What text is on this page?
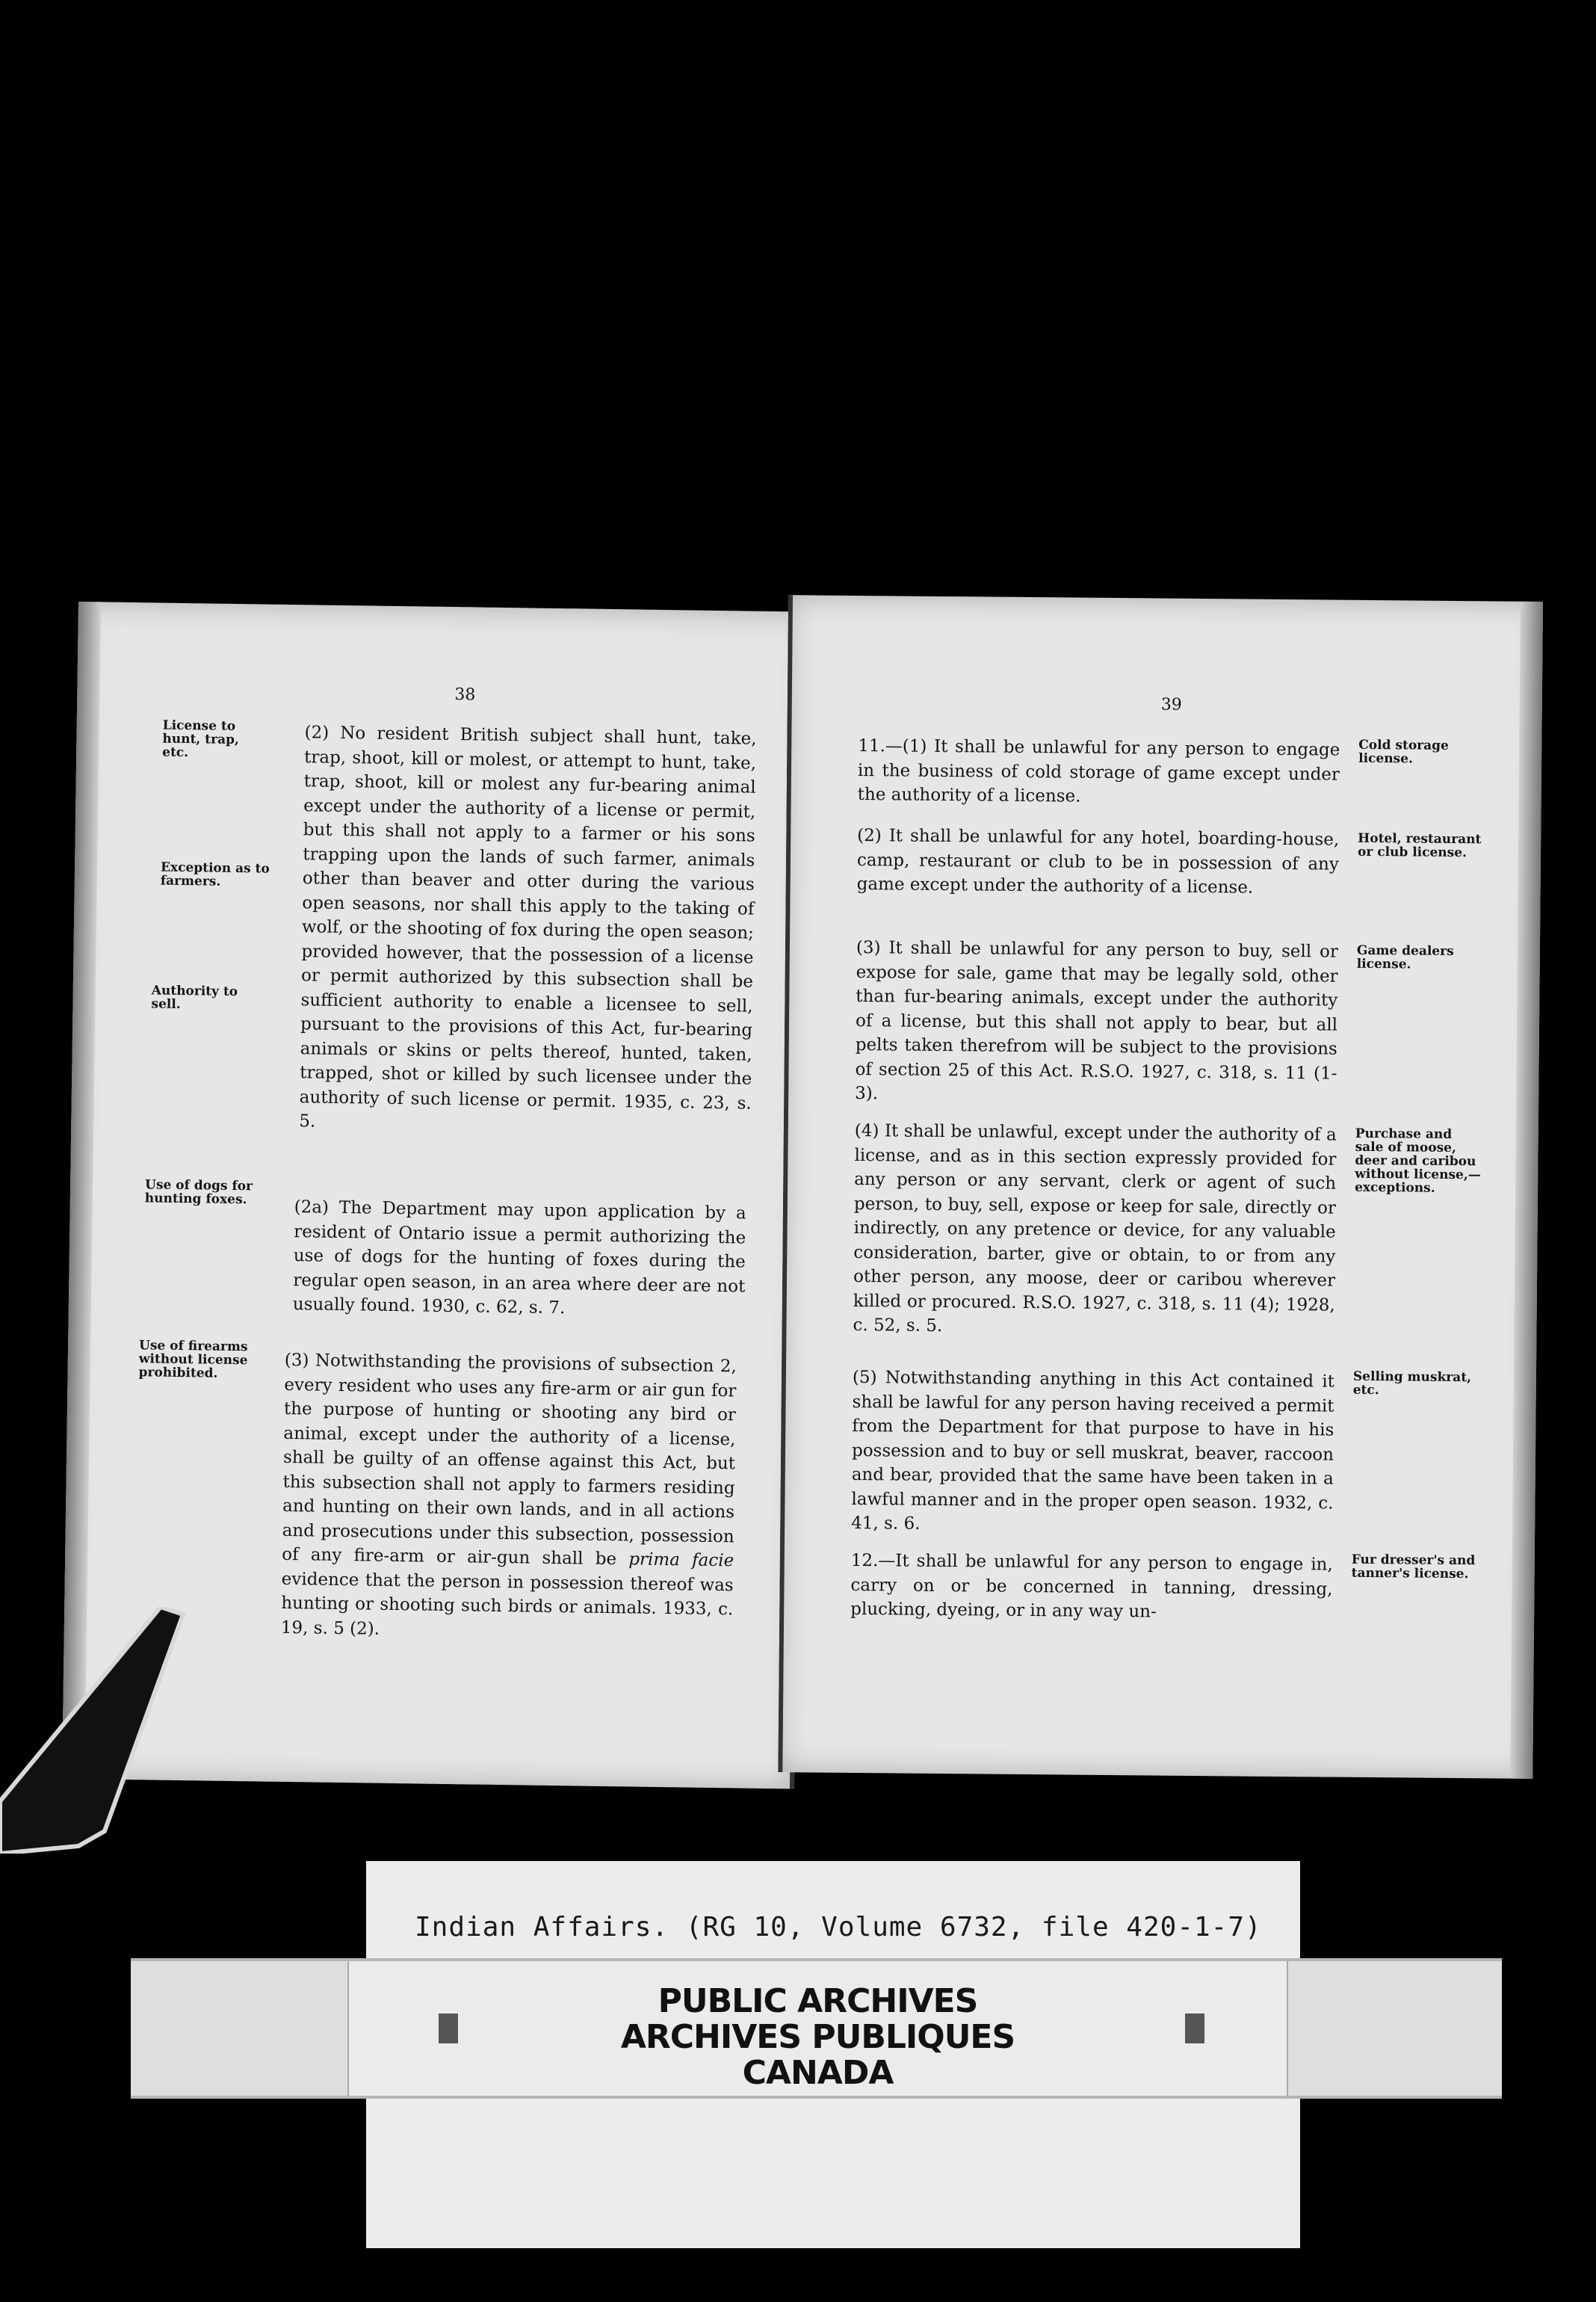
38
License to hunt, trap, etc.
Exception as to farmers.
Authority to sell.
Use of dogs for hunting foxes.
Use of firearms without license prohibited.

(2) No resident British subject shall hunt, take, trap, shoot, kill or molest, or attempt to hunt, take, trap, shoot, kill or molest any fur-bearing animal except under the authority of a license or permit, but this shall not apply to a farmer or his sons trapping upon the lands of such farmer, animals other than beaver and otter during the various open seasons, nor shall this apply to the taking of wolf, or the shooting of fox during the open season; provided however, that the possession of a license or permit authorized by this subsection shall be sufficient authority to enable a licensee to sell, pursuant to the provisions of this Act, fur-bearing animals or skins or pelts thereof, hunted, taken, trapped, shot or killed by such licensee under the authority of such license or permit. 1935, c. 23, s. 5.

(2a) The Department may upon application by a resident of Ontario issue a permit authorizing the use of dogs for the hunting of foxes during the regular open season, in an area where deer are not usually found. 1930, c. 62, s. 7.

(3) Notwithstanding the provisions of subsection 2, every resident who uses any fire-arm or air gun for the purpose of hunting or shooting any bird or animal, except under the authority of a license, shall be guilty of an offense against this Act, but this subsection shall not apply to farmers residing and hunting on their own lands, and in all actions and prosecutions under this subsection, possession of any fire-arm or air-gun shall be prima facie evidence that the person in possession thereof was hunting or shooting such birds or animals. 1933, c. 19, s. 5 (2).

39

11.—(1) It shall be unlawful for any person to engage in the business of cold storage of game except under the authority of a license.

(2) It shall be unlawful for any hotel, boarding-house, camp, restaurant or club to be in possession of any game except under the authority of a license.

(3) It shall be unlawful for any person to buy, sell or expose for sale, game that may be legally sold, other than fur-bearing animals, except under the authority of a license, but this shall not apply to bear, but all pelts taken therefrom will be subject to the provisions of section 25 of this Act. R.S.O. 1927, c. 318, s. 11 (1-3).

(4) It shall be unlawful, except under the authority of a license, and as in this section expressly provided for any person or any servant, clerk or agent of such person, to buy, sell, expose or keep for sale, directly or indirectly, on any pretence or device, for any valuable consideration, barter, give or obtain, to or from any other person, any moose, deer or caribou wherever killed or procured. R.S.O. 1927, c. 318, s. 11 (4); 1928, c. 52, s. 5.

(5) Notwithstanding anything in this Act contained it shall be lawful for any person having received a permit from the Department for that purpose to have in his possession and to buy or sell muskrat, beaver, raccoon and bear, provided that the same have been taken in a lawful manner and in the proper open season. 1932, c. 41, s. 6.

12.—It shall be unlawful for any person to engage in, carry on or be concerned in tanning, dressing, plucking, dyeing, or in any way un-

Cold storage license.
Hotel, restaurant or club license.
Game dealers license.
Purchase and sale of moose, deer and caribou without license,—exceptions.
Selling muskrat, etc.
Fur dresser's and tanner's license.
Indian Affairs. (RG 10, Volume 6732, file 420-1-7)
PUBLIC ARCHIVES
ARCHIVES PUBLIQUES
CANADA
